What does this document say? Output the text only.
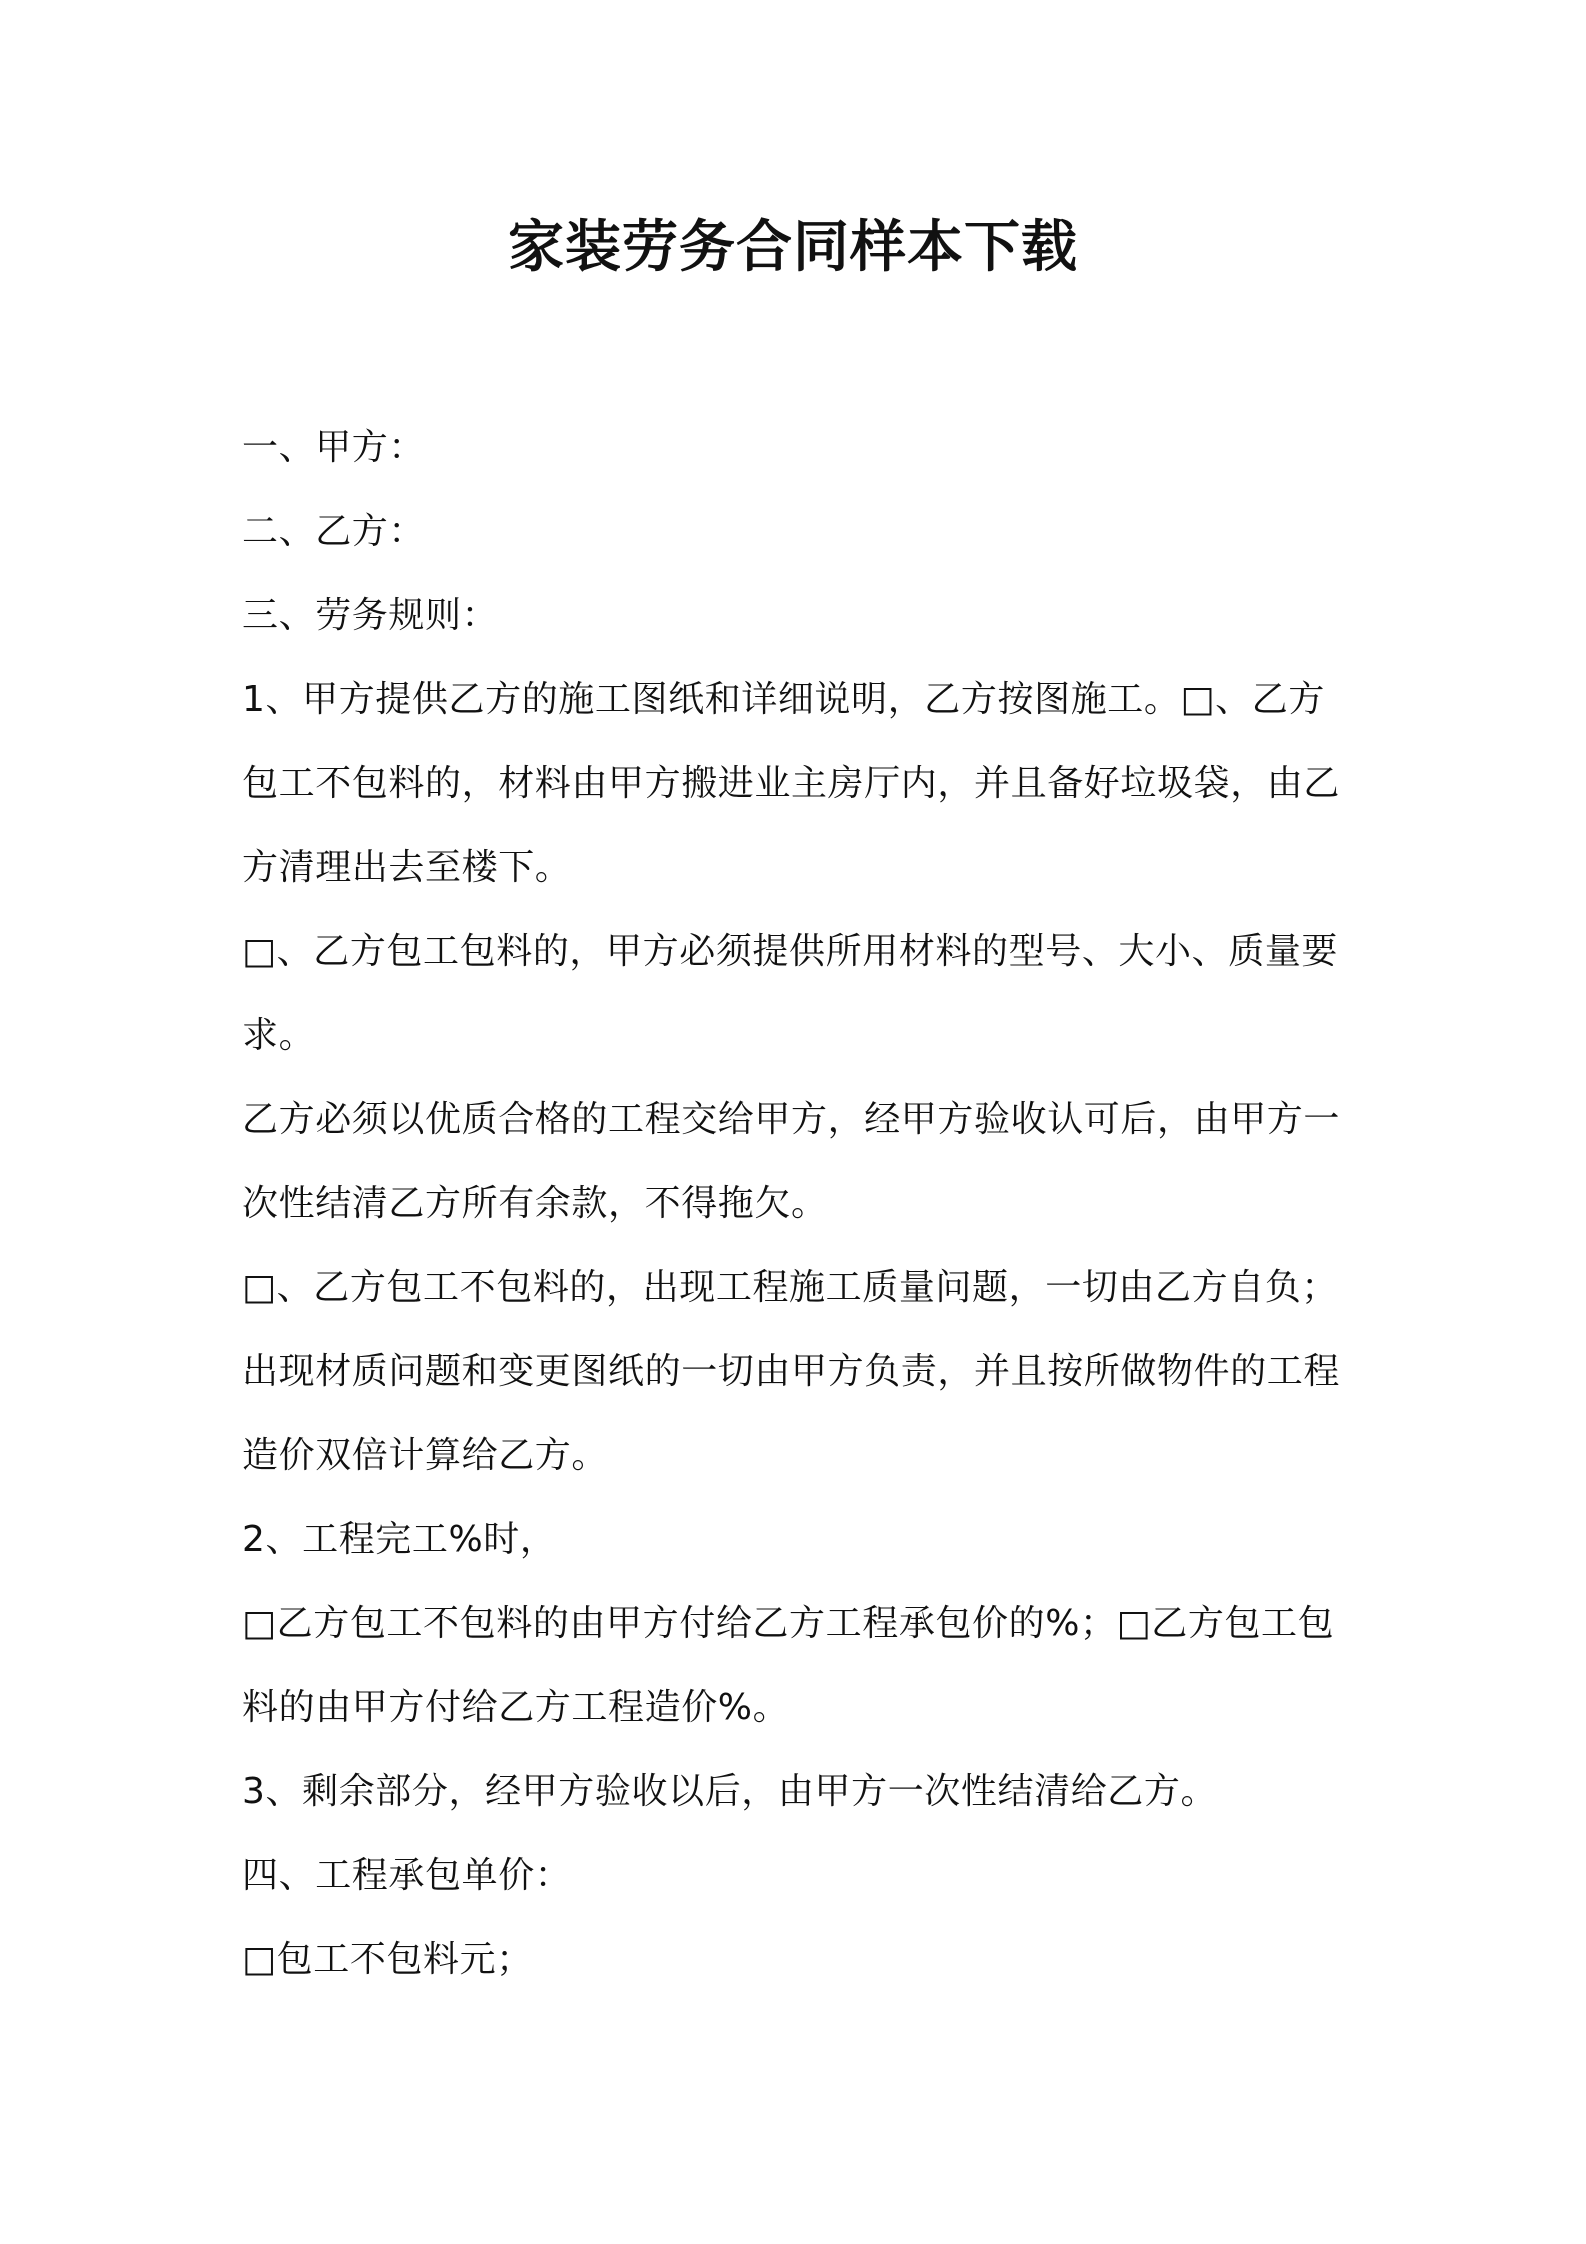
家装劳务合同样本下载

一、甲方：

二、乙方：

三、劳务规则：

1、甲方提供乙方的施工图纸和详细说明，乙方按图施工。□、乙方包工不包料的，材料由甲方搬进业主房厅内，并且备好垃圾袋，由乙方清理出去至楼下。

□、乙方包工包料的，甲方必须提供所用材料的型号、大小、质量要求。

乙方必须以优质合格的工程交给甲方，经甲方验收认可后，由甲方一次性结清乙方所有余款，不得拖欠。

□、乙方包工不包料的，出现工程施工质量问题，一切由乙方自负；出现材质问题和变更图纸的一切由甲方负责，并且按所做物件的工程造价双倍计算给乙方。

2、工程完工%时，

□乙方包工不包料的由甲方付给乙方工程承包价的%；□乙方包工包料的由甲方付给乙方工程造价%。

3、剩余部分，经甲方验收以后，由甲方一次性结清给乙方。

四、工程承包单价：

□包工不包料元；
